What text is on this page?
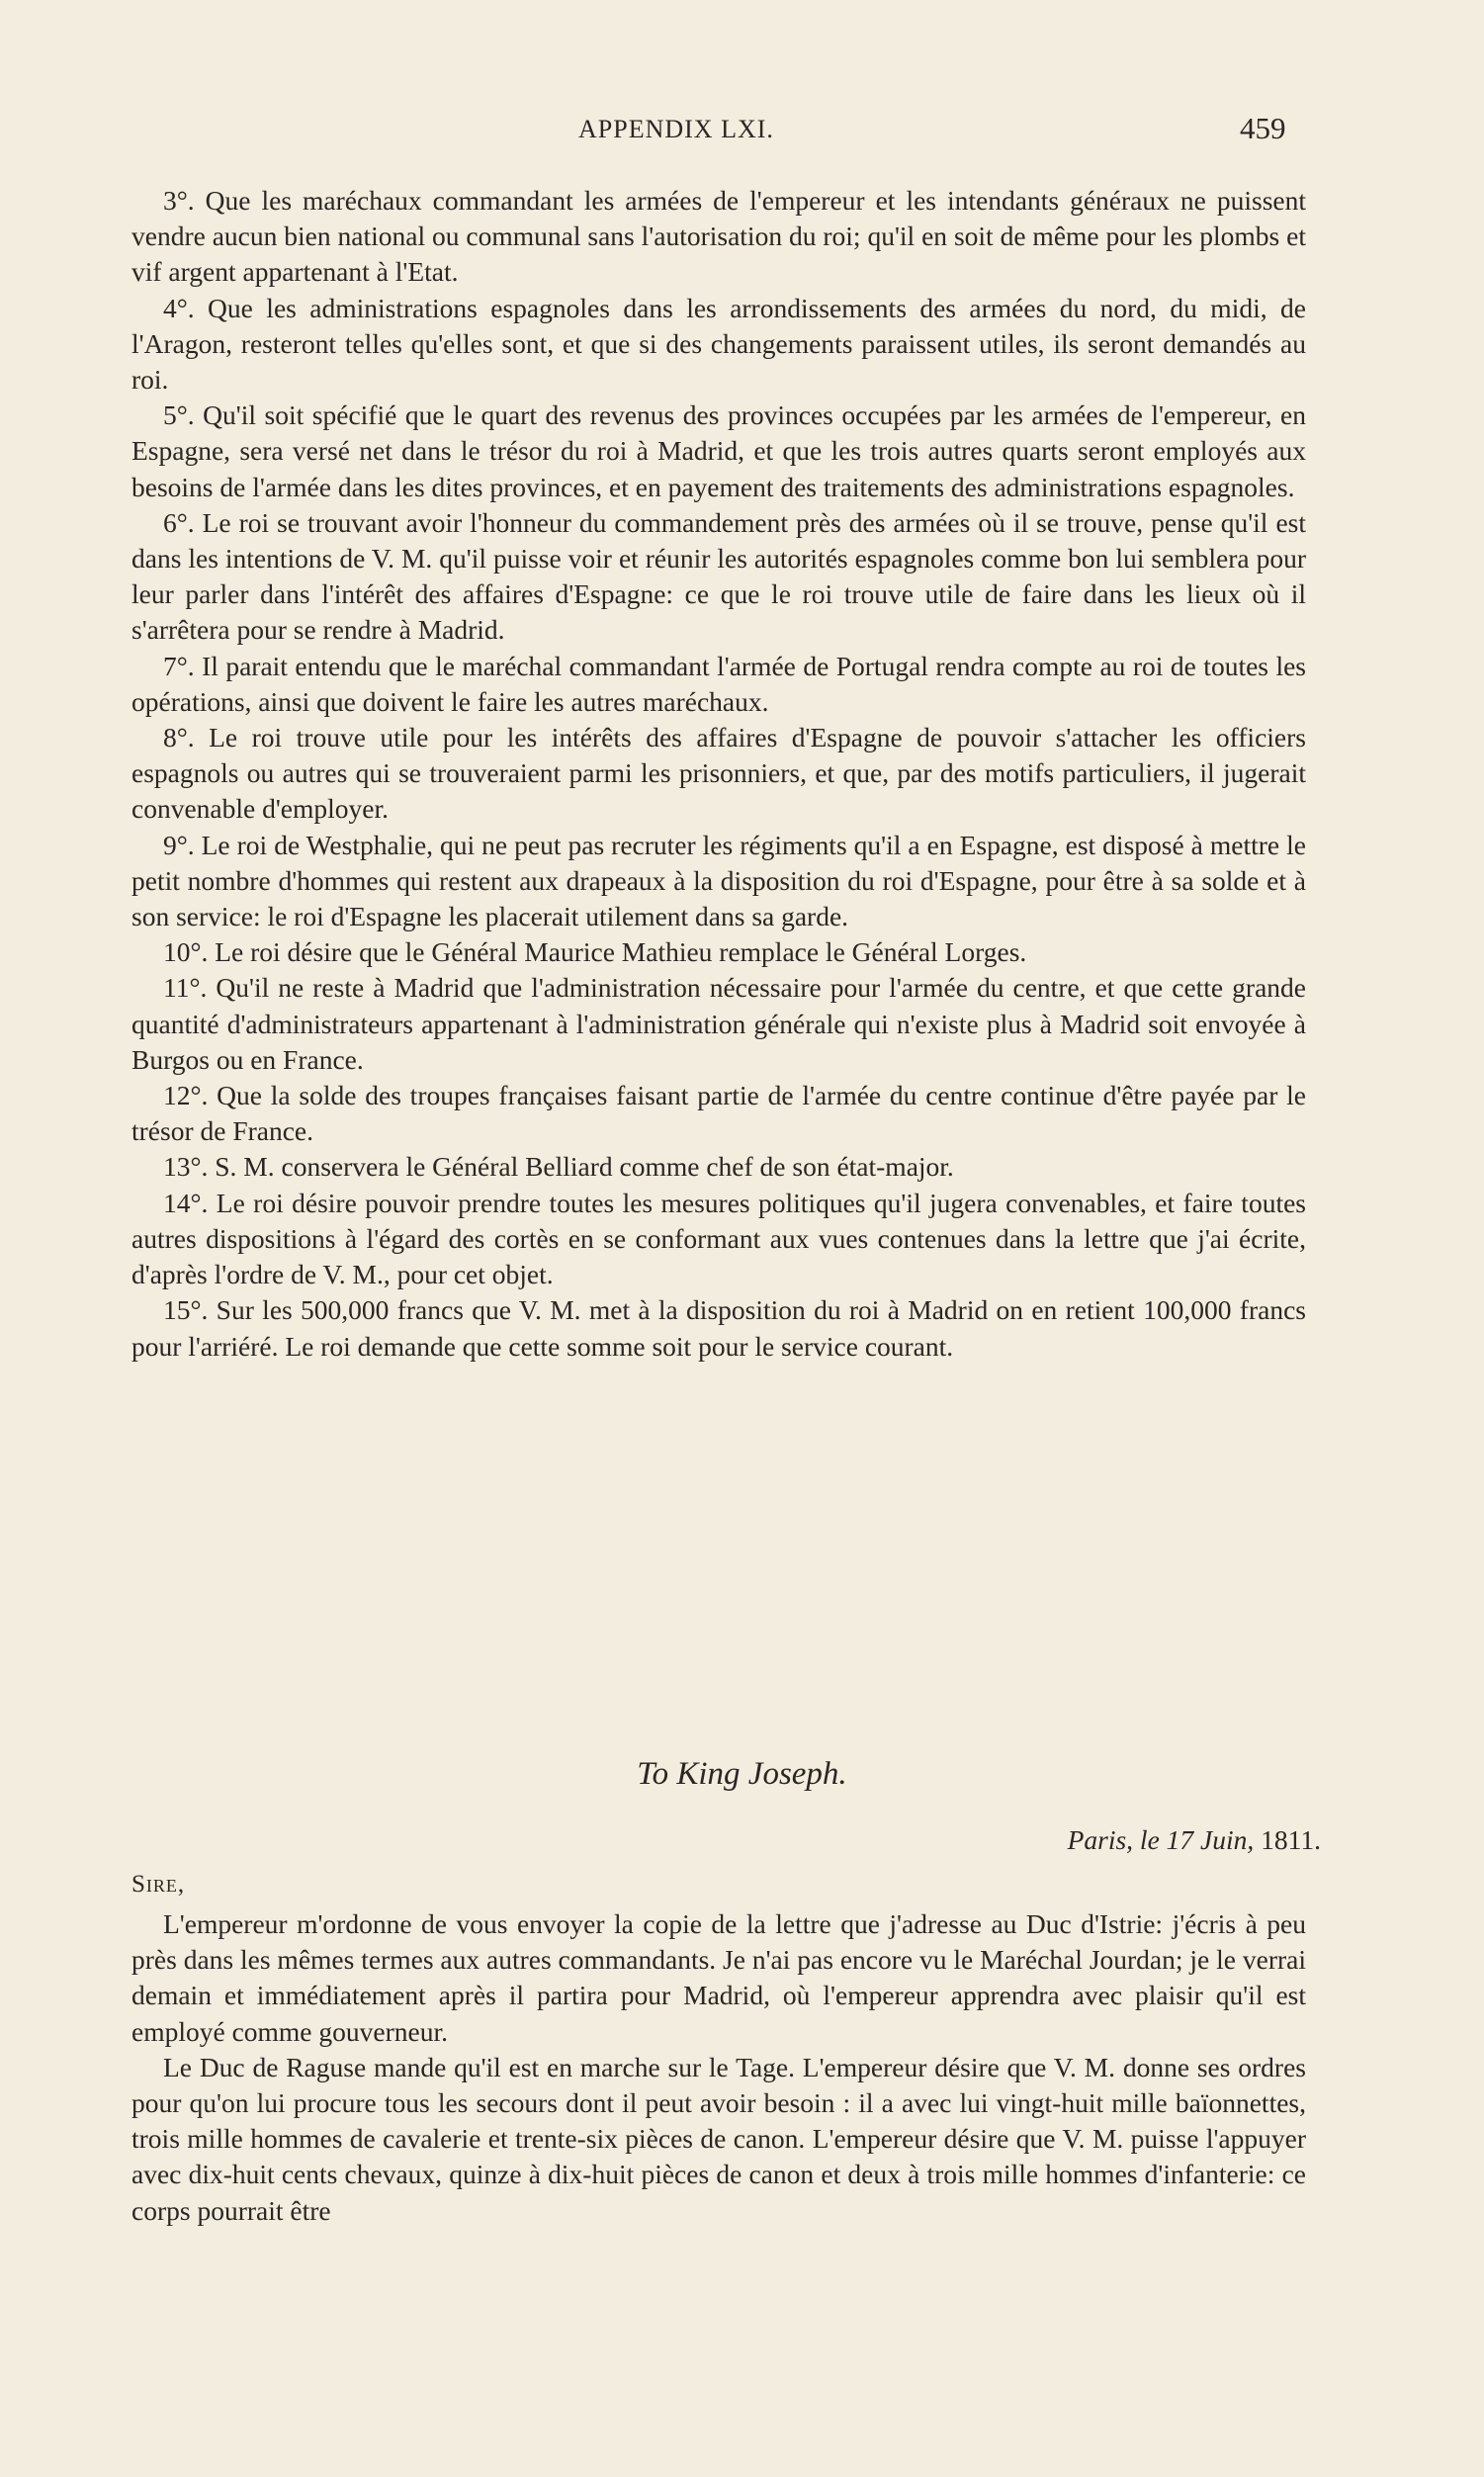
APPENDIX LXI.	459

3°. Que les maréchaux commandant les armées de l'empereur et les intendants généraux ne puissent vendre aucun bien national ou communal sans l'autorisation du roi; qu'il en soit de même pour les plombs et vif argent appartenant à l'Etat.

4°. Que les administrations espagnoles dans les arrondissements des armées du nord, du midi, de l'Aragon, resteront telles qu'elles sont, et que si des changements paraissent utiles, ils seront demandés au roi.

5°. Qu'il soit spécifié que le quart des revenus des provinces occupées par les armées de l'empereur, en Espagne, sera versé net dans le trésor du roi à Madrid, et que les trois autres quarts seront employés aux besoins de l'armée dans les dites provinces, et en payement des traitements des administrations espagnoles.

6°. Le roi se trouvant avoir l'honneur du commandement près des armées où il se trouve, pense qu'il est dans les intentions de V. M. qu'il puisse voir et réunir les autorités espagnoles comme bon lui semblera pour leur parler dans l'intérêt des affaires d'Espagne: ce que le roi trouve utile de faire dans les lieux où il s'arrêtera pour se rendre à Madrid.

7°. Il parait entendu que le maréchal commandant l'armée de Portugal rendra compte au roi de toutes les opérations, ainsi que doivent le faire les autres maréchaux.

8°. Le roi trouve utile pour les intérêts des affaires d'Espagne de pouvoir s'attacher les officiers espagnols ou autres qui se trouveraient parmi les prisonniers, et que, par des motifs particuliers, il jugerait convenable d'employer.

9°. Le roi de Westphalie, qui ne peut pas recruter les régiments qu'il a en Espagne, est disposé à mettre le petit nombre d'hommes qui restent aux drapeaux à la disposition du roi d'Espagne, pour être à sa solde et à son service: le roi d'Espagne les placerait utilement dans sa garde.

10°. Le roi désire que le Général Maurice Mathieu remplace le Général Lorges.

11°. Qu'il ne reste à Madrid que l'administration nécessaire pour l'armée du centre, et que cette grande quantité d'administrateurs appartenant à l'administration générale qui n'existe plus à Madrid soit envoyée à Burgos ou en France.

12°. Que la solde des troupes françaises faisant partie de l'armée du centre continue d'être payée par le trésor de France.

13°. S. M. conservera le Général Belliard comme chef de son état-major.

14°. Le roi désire pouvoir prendre toutes les mesures politiques qu'il jugera convenables, et faire toutes autres dispositions à l'égard des cortès en se conformant aux vues contenues dans la lettre que j'ai écrite, d'après l'ordre de V. M., pour cet objet.

15°. Sur les 500,000 francs que V. M. met à la disposition du roi à Madrid on en retient 100,000 francs pour l'arriéré. Le roi demande que cette somme soit pour le service courant.

To King Joseph.
Paris, le 17 Juin, 1811.
Sire,

L'empereur m'ordonne de vous envoyer la copie de la lettre que j'adresse au Duc d'Istrie: j'écris à peu près dans les mêmes termes aux autres commandants. Je n'ai pas encore vu le Maréchal Jourdan; je le verrai demain et immédiatement après il partira pour Madrid, où l'empereur apprendra avec plaisir qu'il est employé comme gouverneur.

Le Duc de Raguse mande qu'il est en marche sur le Tage. L'empereur désire que V. M. donne ses ordres pour qu'on lui procure tous les secours dont il peut avoir besoin : il a avec lui vingt-huit mille baïonnettes, trois mille hommes de cavalerie et trente-six pièces de canon. L'empereur désire que V. M. puisse l'appuyer avec dix-huit cents chevaux, quinze à dix-huit pièces de canon et deux à trois mille hommes d'infanterie: ce corps pourrait être
